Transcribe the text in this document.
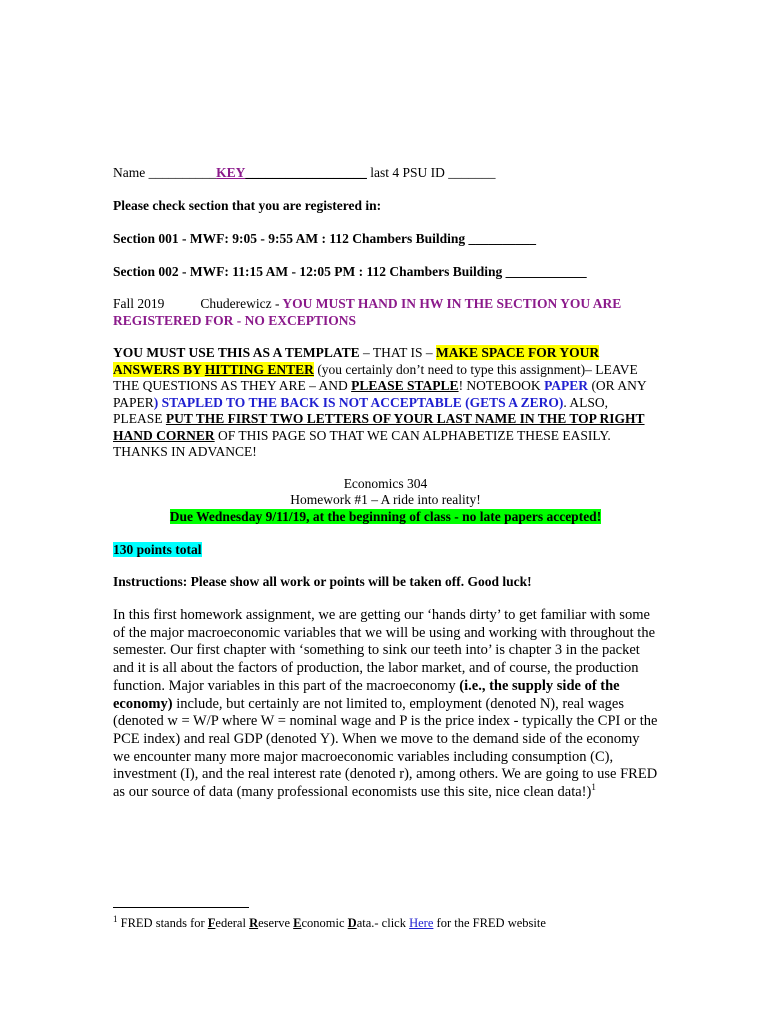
Name __________KEY__________________ last 4 PSU ID _______
Please check section that you are registered in:
Section 001 - MWF: 9:05 - 9:55 AM : 112 Chambers Building __________
Section 002 - MWF: 11:15 AM - 12:05 PM : 112 Chambers Building ____________
Fall 2019	Chuderewicz - YOU MUST HAND IN HW IN THE SECTION YOU ARE REGISTERED FOR - NO EXCEPTIONS
YOU MUST USE THIS AS A TEMPLATE – THAT IS – MAKE SPACE FOR YOUR ANSWERS BY HITTING ENTER (you certainly don’t need to type this assignment)– LEAVE THE QUESTIONS AS THEY ARE – AND PLEASE STAPLE! NOTEBOOK PAPER (OR ANY PAPER) STAPLED TO THE BACK IS NOT ACCEPTABLE (GETS A ZERO). ALSO, PLEASE PUT THE FIRST TWO LETTERS OF YOUR LAST NAME IN THE TOP RIGHT HAND CORNER OF THIS PAGE SO THAT WE CAN ALPHABETIZE THESE EASILY. THANKS IN ADVANCE!
Economics 304
Homework #1 – A ride into reality!
Due Wednesday 9/11/19, at the beginning of class - no late papers accepted!
130 points total
Instructions: Please show all work or points will be taken off. Good luck!
In this first homework assignment, we are getting our ‘hands dirty’ to get familiar with some of the major macroeconomic variables that we will be using and working with throughout the semester. Our first chapter with ‘something to sink our teeth into’ is chapter 3 in the packet and it is all about the factors of production, the labor market, and of course, the production function. Major variables in this part of the macroeconomy (i.e., the supply side of the economy) include, but certainly are not limited to, employment (denoted N), real wages (denoted w = W/P where W = nominal wage and P is the price index - typically the CPI or the PCE index) and real GDP (denoted Y). When we move to the demand side of the economy we encounter many more major macroeconomic variables including consumption (C), investment (I), and the real interest rate (denoted r), among others. We are going to use FRED as our source of data (many professional economists use this site, nice clean data!)$^1$
$^1$ FRED stands for Federal Reserve Economic Data.- click Here for the FRED website
